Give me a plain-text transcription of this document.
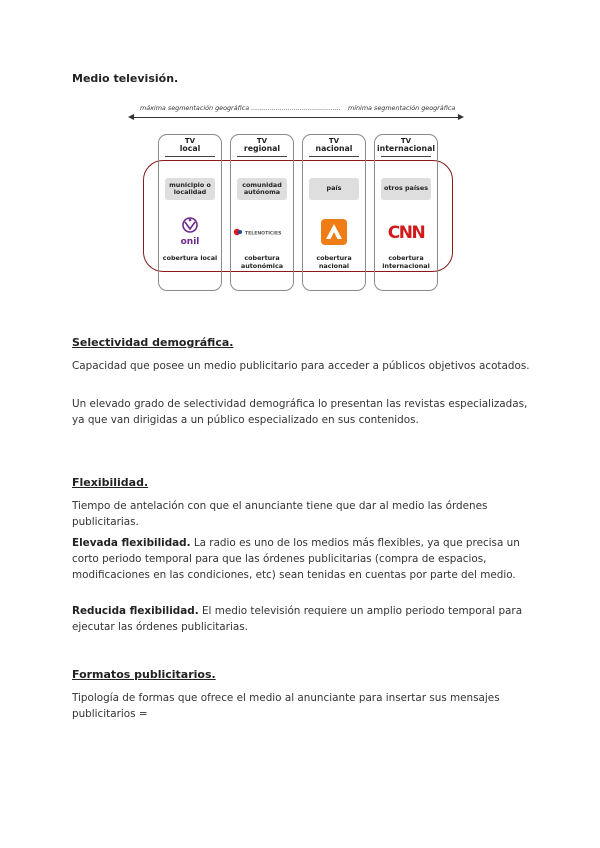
Medio televisión.
máxima segmentación geográfica ............................................ mínima segmentación geográfica
TV
local
municipio o localidad
onil
cobertura local
TV
regional
comunidad autónoma
TELENOTICIES
cobertura autonómica
TV
nacional
país
cobertura nacional
TV
internacional
otros países
CNN
cobertura internacional
Selectividad demográfica.

Capacidad que posee un medio publicitario para acceder a públicos objetivos acotados.

Un elevado grado de selectividad demográfica lo presentan las revistas especializadas, ya que van dirigidas a un público especializado en sus contenidos.

Flexibilidad.

Tiempo de antelación con que el anunciante tiene que dar al medio las órdenes publicitarias.

Elevada flexibilidad. La radio es uno de los medios más flexibles, ya que precisa un corto periodo temporal para que las órdenes publicitarias (compra de espacios, modificaciones en las condiciones, etc) sean tenidas en cuentas por parte del medio.

Reducida flexibilidad. El medio televisión requiere un amplio periodo temporal para ejecutar las órdenes publicitarias.

Formatos publicitarios.

Tipología de formas que ofrece el medio al anunciante para insertar sus mensajes publicitarios =
